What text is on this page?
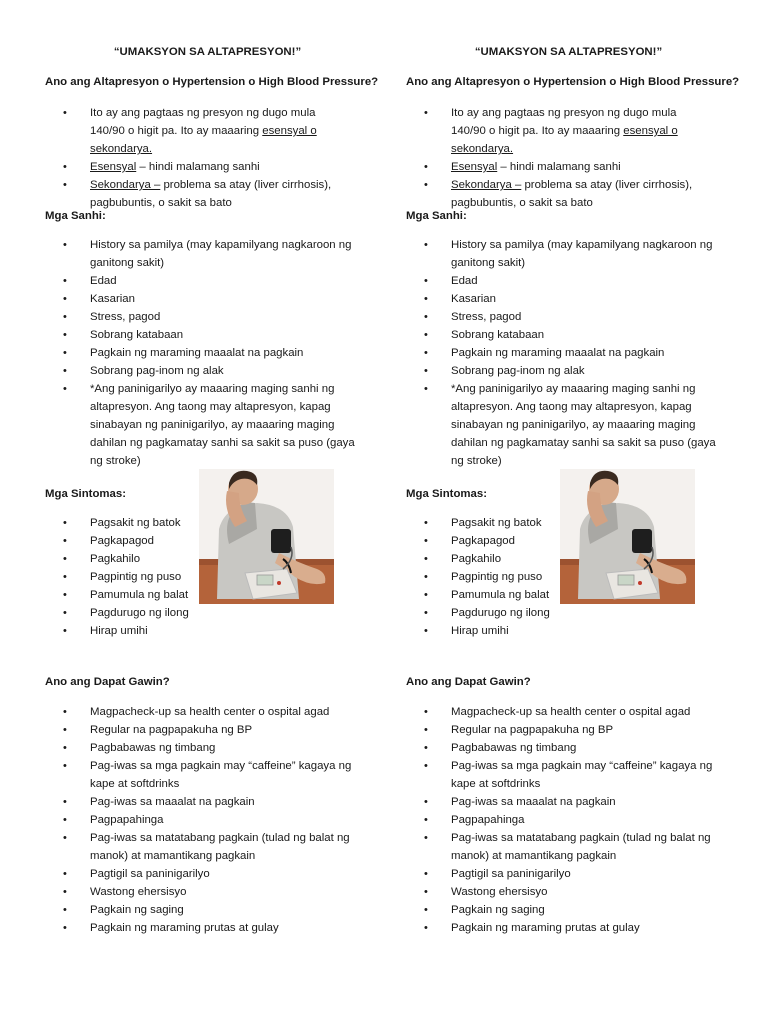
“UMAKSYON SA ALTAPRESYON!”
Ano ang Altapresyon o Hypertension o High Blood Pressure?
• Ito ay ang pagtaas ng presyon ng dugo mula 140/90 o higit pa. Ito ay maaaring esensyal o sekondarya.
• Esensyal – hindi malamang sanhi
• Sekondarya – problema sa atay (liver cirrhosis), pagbubuntis, o sakit sa bato
Mga Sanhi:
• History sa pamilya (may kapamilyang nagkaroon ng ganitong sakit)
• Edad
• Kasarian
• Stress, pagod
• Sobrang katabaan
• Pagkain ng maraming maaalat na pagkain
• Sobrang pag-inom ng alak
• *Ang paninigarilyo ay maaaring maging sanhi ng altapresyon. Ang taong may altapresyon, kapag sinabayan ng paninigarilyo, ay maaaring maging dahilan ng pagkamatay sanhi sa sakit sa puso (gaya ng stroke)
Mga Sintomas:
• Pagsakit ng batok
• Pagkapagod
• Pagkahilo
• Pagpintig ng puso
• Pamumula ng balat
• Pagdurugo ng ilong
• Hirap umihi
Ano ang Dapat Gawin?
• Magpacheck-up sa health center o ospital agad
• Regular na pagpapakuha ng BP
• Pagbabawas ng timbang
• Pag-iwas sa mga pagkain may “caffeine” kagaya ng kape at softdrinks
• Pag-iwas sa maaalat na pagkain
• Pagpapahinga
• Pag-iwas sa matatabang pagkain (tulad ng balat ng manok) at mamantikang pagkain
• Pagtigil sa paninigarilyo
• Wastong ehersisyo
• Pagkain ng saging
• Pagkain ng maraming prutas at gulay
“UMAKSYON SA ALTAPRESYON!”
Ano ang Altapresyon o Hypertension o High Blood Pressure?
• Ito ay ang pagtaas ng presyon ng dugo mula 140/90 o higit pa. Ito ay maaaring esensyal o sekondarya.
• Esensyal – hindi malamang sanhi
• Sekondarya – problema sa atay (liver cirrhosis), pagbubuntis, o sakit sa bato
Mga Sanhi:
• History sa pamilya (may kapamilyang nagkaroon ng ganitong sakit)
• Edad
• Kasarian
• Stress, pagod
• Sobrang katabaan
• Pagkain ng maraming maaalat na pagkain
• Sobrang pag-inom ng alak
• *Ang paninigarilyo ay maaaring maging sanhi ng altapresyon. Ang taong may altapresyon, kapag sinabayan ng paninigarilyo, ay maaaring maging dahilan ng pagkamatay sanhi sa sakit sa puso (gaya ng stroke)
Mga Sintomas:
• Pagsakit ng batok
• Pagkapagod
• Pagkahilo
• Pagpintig ng puso
• Pamumula ng balat
• Pagdurugo ng ilong
• Hirap umihi
Ano ang Dapat Gawin?
• Magpacheck-up sa health center o ospital agad
• Regular na pagpapakuha ng BP
• Pagbabawas ng timbang
• Pag-iwas sa mga pagkain may “caffeine” kagaya ng kape at softdrinks
• Pag-iwas sa maaalat na pagkain
• Pagpapahinga
• Pag-iwas sa matatabang pagkain (tulad ng balat ng manok) at mamantikang pagkain
• Pagtigil sa paninigarilyo
• Wastong ehersisyo
• Pagkain ng saging
• Pagkain ng maraming prutas at gulay
